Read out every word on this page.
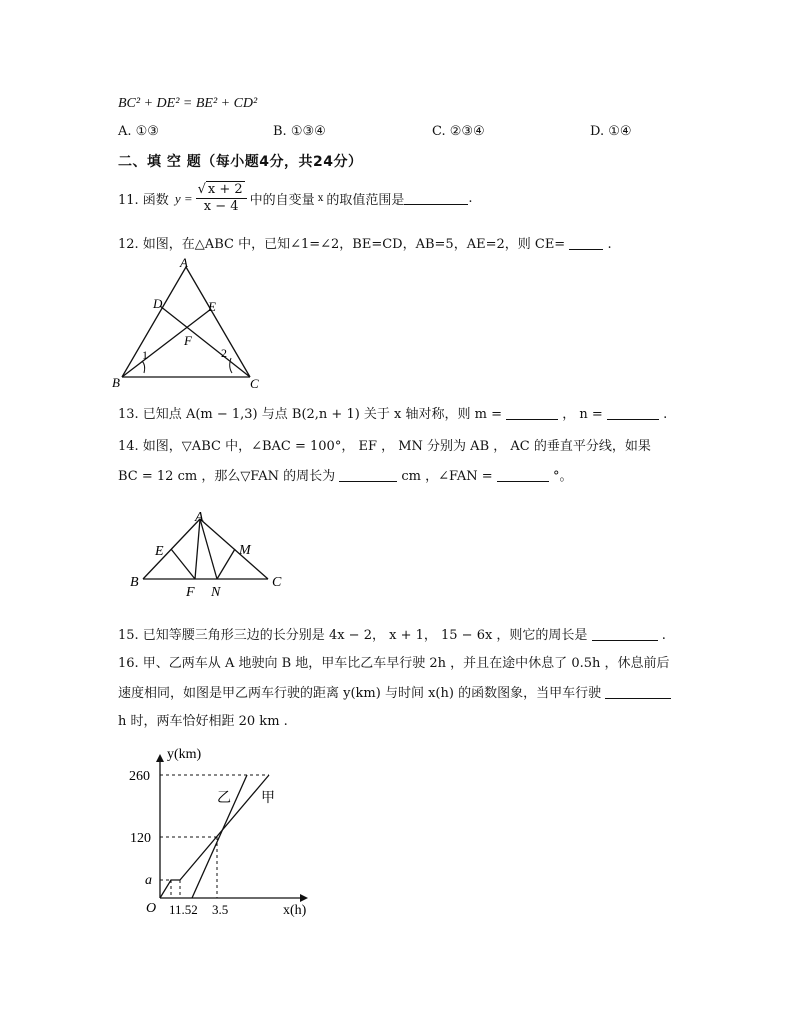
BC² + DE² = BE² + CD²
A. ①③	B. ①③④	C. ②③④	D. ①④
二、填 空 题（每小题4分，共24分）
11. 函数 $y = \frac{√ x + 2}{x - 4}$ 中的自变量 x 的取值范围是	.
12. 如图，在△ABC 中，已知∠1=∠2，BE=CD，AB=5，AE=2，则 CE=	.
A
B	C
D	E
F
1	2
13. 已知点 A(m − 1,3) 与点 B(2,n + 1) 关于 x 轴对称，则 m =	， n =	.
14. 如图，▽ABC 中，∠BAC = 100°， EF ， MN 分别为 AB ， AC 的垂直平分线，如果
BC = 12 cm ，那么▽FAN 的周长为	cm ，∠FAN =	°。
A
B	C
E	M
F N
15. 已知等腰三角形三边的长分别是 4x − 2， x + 1， 15 − 6x ，则它的周长是	.
16. 甲、乙两车从 A 地驶向 B 地，甲车比乙车早行驶 2h ，并且在途中休息了 0.5h ，休息前后
速度相同，如图是甲乙两车行驶的距离 y(km) 与时间 x(h) 的函数图象，当甲车行驶
h 时，两车恰好相距 20 km .
y(km)
x(h)
O
260
120
a
11.52 3.5
乙 甲
